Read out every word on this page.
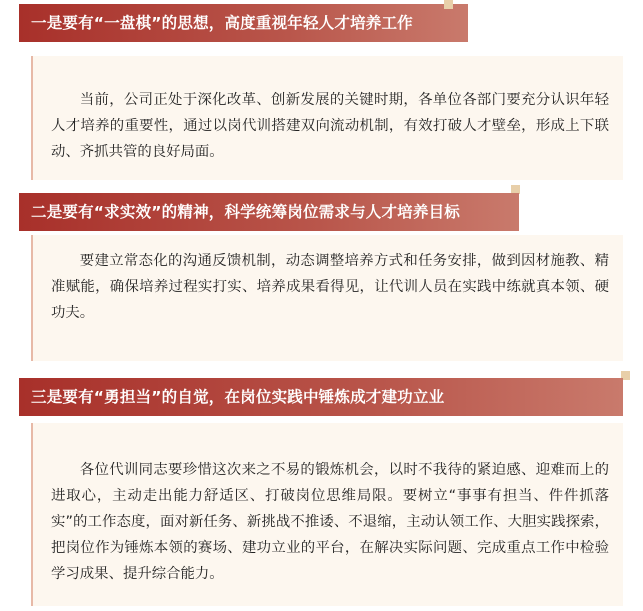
一是要有“一盘棋”的思想，高度重视年轻人才培养工作

当前，公司正处于深化改革、创新发展的关键时期，各单位各部门要充分认识年轻人才培养的重要性，通过以岗代训搭建双向流动机制，有效打破人才壁垒，形成上下联动、齐抓共管的良好局面。

二是要有“求实效”的精神，科学统筹岗位需求与人才培养目标

要建立常态化的沟通反馈机制，动态调整培养方式和任务安排，做到因材施教、精准赋能，确保培养过程实打实、培养成果看得见，让代训人员在实践中练就真本领、硬功夫。

三是要有“勇担当”的自觉，在岗位实践中锤炼成才建功立业

各位代训同志要珍惜这次来之不易的锻炼机会，以时不我待的紧迫感、迎难而上的进取心，主动走出能力舒适区、打破岗位思维局限。要树立“事事有担当、件件抓落实”的工作态度，面对新任务、新挑战不推诿、不退缩，主动认领工作、大胆实践探索，把岗位作为锤炼本领的赛场、建功立业的平台，在解决实际问题、完成重点工作中检验学习成果、提升综合能力。
